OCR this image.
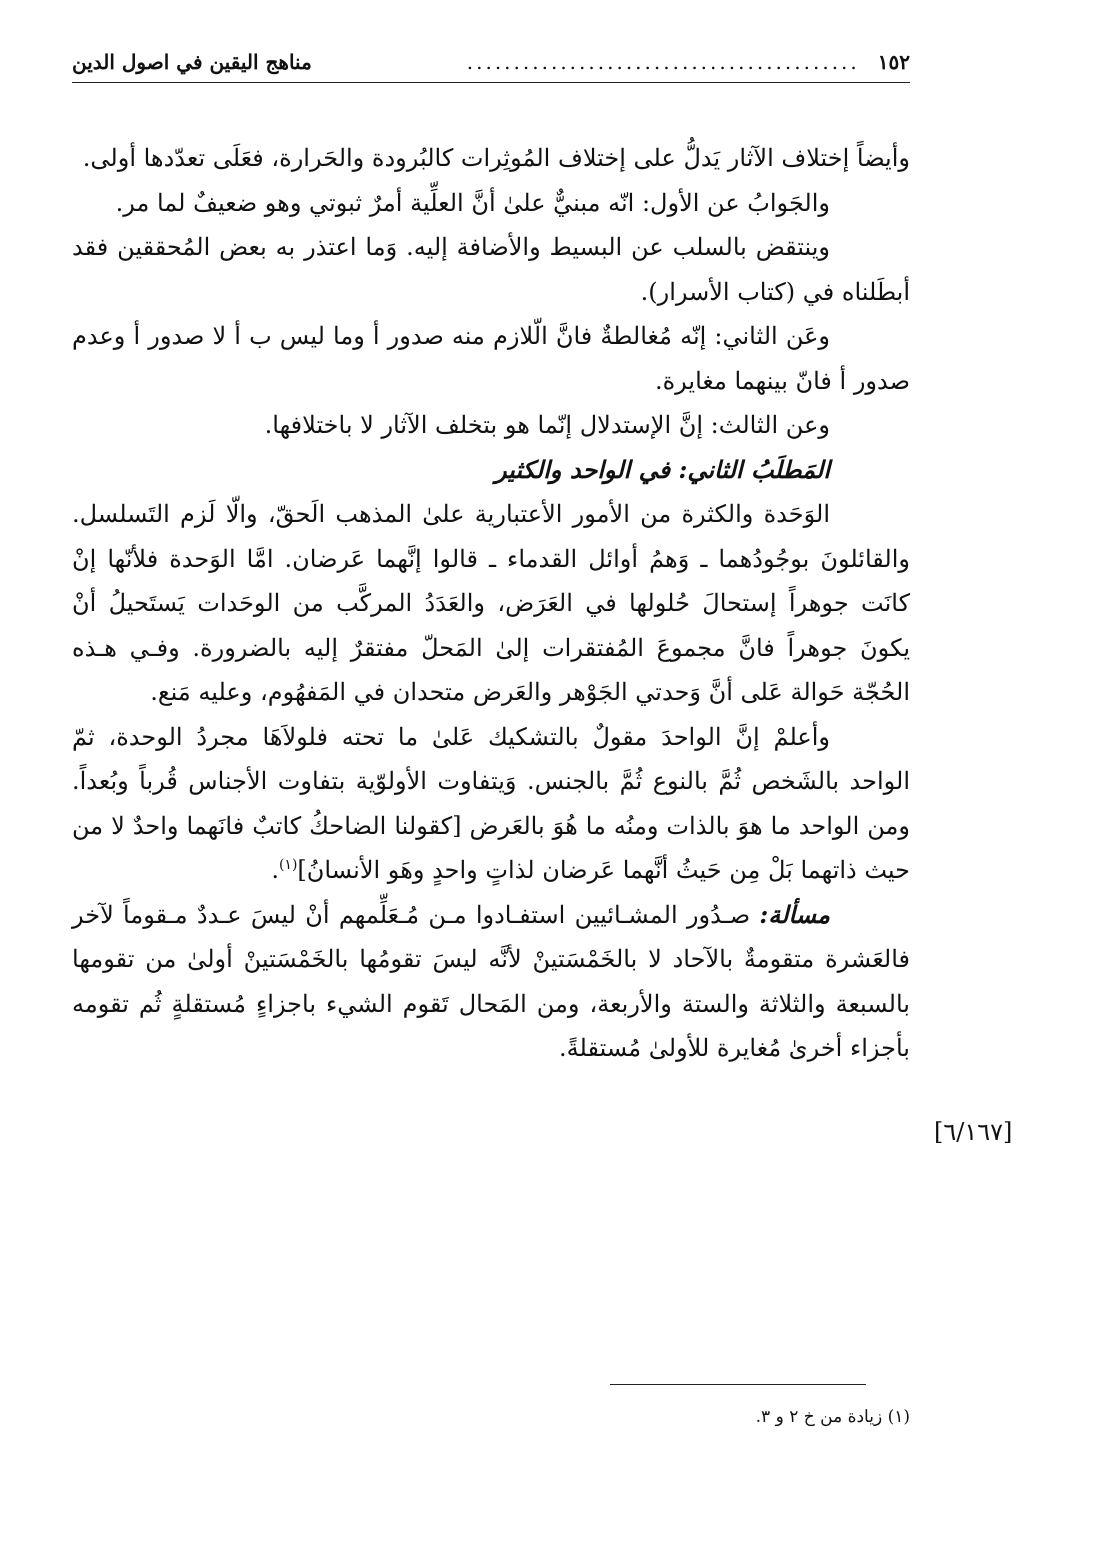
١٥٢
..........................................
مناهج اليقين في اصول الدين

وأيضاً إختلاف الآثار يَدلُّ على إختلاف المُوثِرات كالبُرودة والحَرارة، فعَلَى تعدّدها أولى.

والجَوابُ عن الأول: انّه مبنيٌّ علىٰ أنَّ العلِّية أمرٌ ثبوتي وهو ضعيفٌ لما مر.

وينتقض بالسلب عن البسيط والأضافة إليه. وَما اعتذر به بعض المُحققين فقد أبطَلناه في (كتاب الأسرار).

وعَن الثاني: إنّه مُغالطةٌ فانَّ الّلازم منه صدور أ وما ليس ب أ لا صدور أ وعدم صدور أ فانّ بينهما مغايرة.

وعن الثالث: إنَّ الإستدلال إنّما هو بتخلف الآثار لا باختلافها.

المَطلَبُ الثاني: في الواحد والكثير

الوَحَدة والكثرة من الأمور الأعتبارية علىٰ المذهب الَحقّ، والّا لَزم التَسلسل. والقائلونَ بوجُودُهما ـ وَهمُ أوائل القدماء ـ قالوا إنَّهما عَرضان. امَّا الوَحدة فلأنّها إنْ كانَت جوهراً إستحالَ حُلولها في العَرَض، والعَدَدُ المركَّب من الوحَدات يَستَحيلُ أنْ يكونَ جوهراً فانَّ مجموعَ المُفتقرات إلىٰ المَحلّ مفتقرٌ إليه بالضرورة. وفـي هـذه الحُجّة حَوالة عَلى أنَّ وَحدتي الجَوْهر والعَرض متحدان في المَفهُوم، وعليه مَنع.

وأعلمْ إنَّ الواحدَ مقولٌ بالتشكيك عَلىٰ ما تحته فلولاَهَا مجردُ الوحدة، ثمّ الواحد بالشَخص ثُمَّ بالنوع ثُمَّ بالجنس. وَيتفاوت الأولوّية بتفاوت الأجناس قُرباً وبُعداً. ومن الواحد ما هوَ بالذات ومنُه ما هُوَ بالعَرض [كقولنا الضاحكُ كاتبٌ فانَهما واحدٌ لا من حيث ذاتهما بَلْ مِن حَيثُ أنَّهما عَرضان لذاتٍ واحدٍ وهَو الأنسانُ]$^{(١)}$.

مسألة: صـدُور المشـائيين استفـادوا مـن مُـعَلِّمهم أنْ ليسَ عـددٌ مـقوماً لآخر فالعَشرة متقومةٌ بالآحاد لا بالخَمْسَتينْ لأنَّه ليسَ تقومُها بالخَمْسَتينْ أولىٰ من تقومها بالسبعة والثلاثة والستة والأربعة، ومن المَحال تَقوم الشيء باجزاءٍ مُستقلةٍ ثُم تقومه بأجزاء أخرىٰ مُغايرة للأولىٰ مُستقلةً.

[٦/١٦٧]
(١) زيادة من خ ٢ و ٣.
